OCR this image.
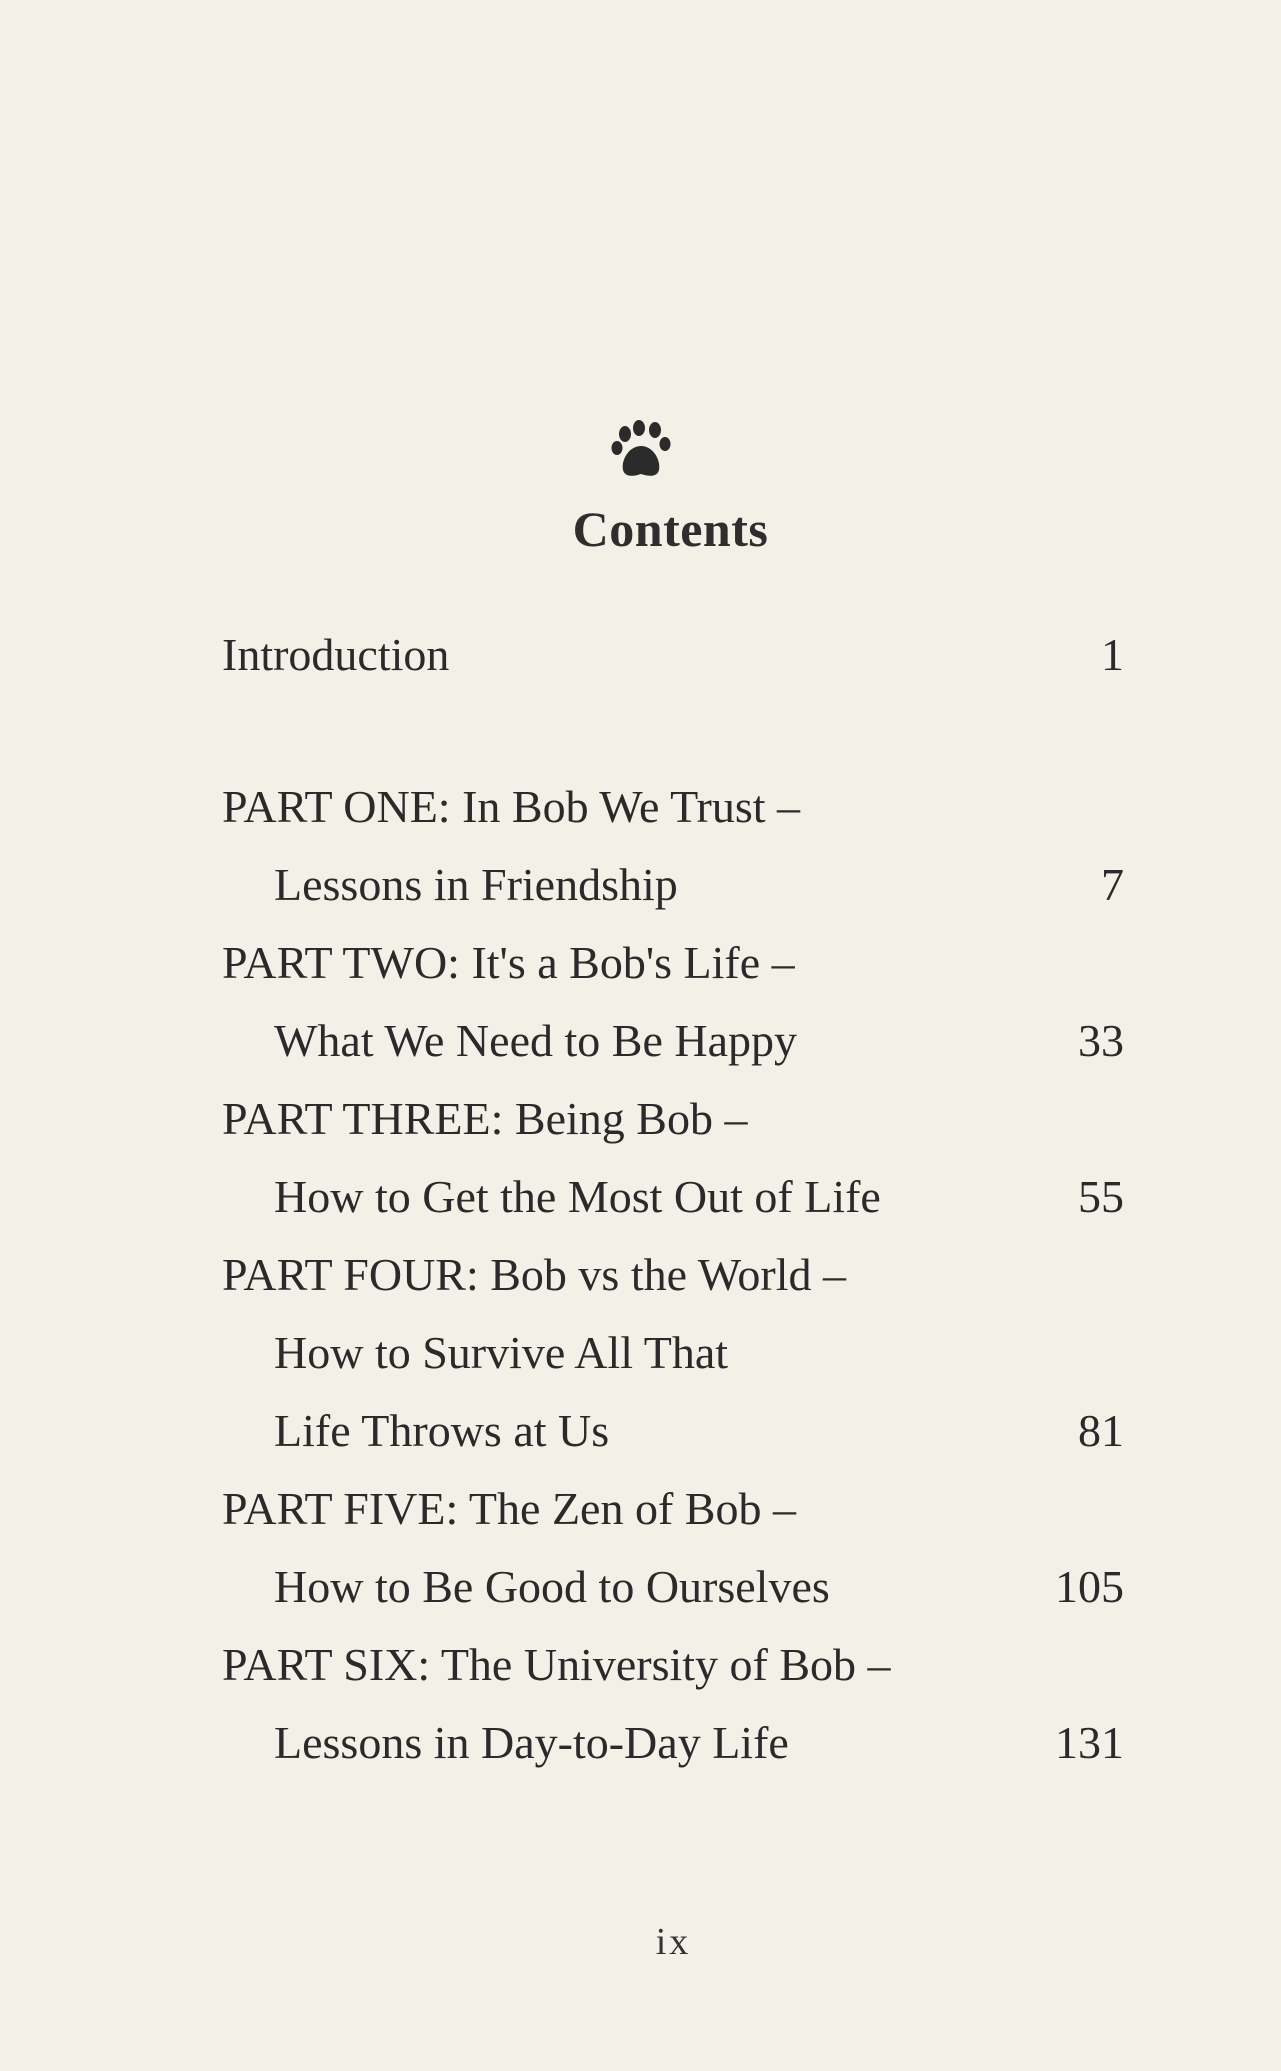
Contents
Introduction	1
PART ONE: In Bob We Trust –
Lessons in Friendship	7
PART TWO: It's a Bob's Life –
What We Need to Be Happy	33
PART THREE: Being Bob –
How to Get the Most Out of Life	55
PART FOUR: Bob vs the World –
How to Survive All That
Life Throws at Us	81
PART FIVE: The Zen of Bob –
How to Be Good to Ourselves	105
PART SIX: The University of Bob –
Lessons in Day-to-Day Life	131
ix
